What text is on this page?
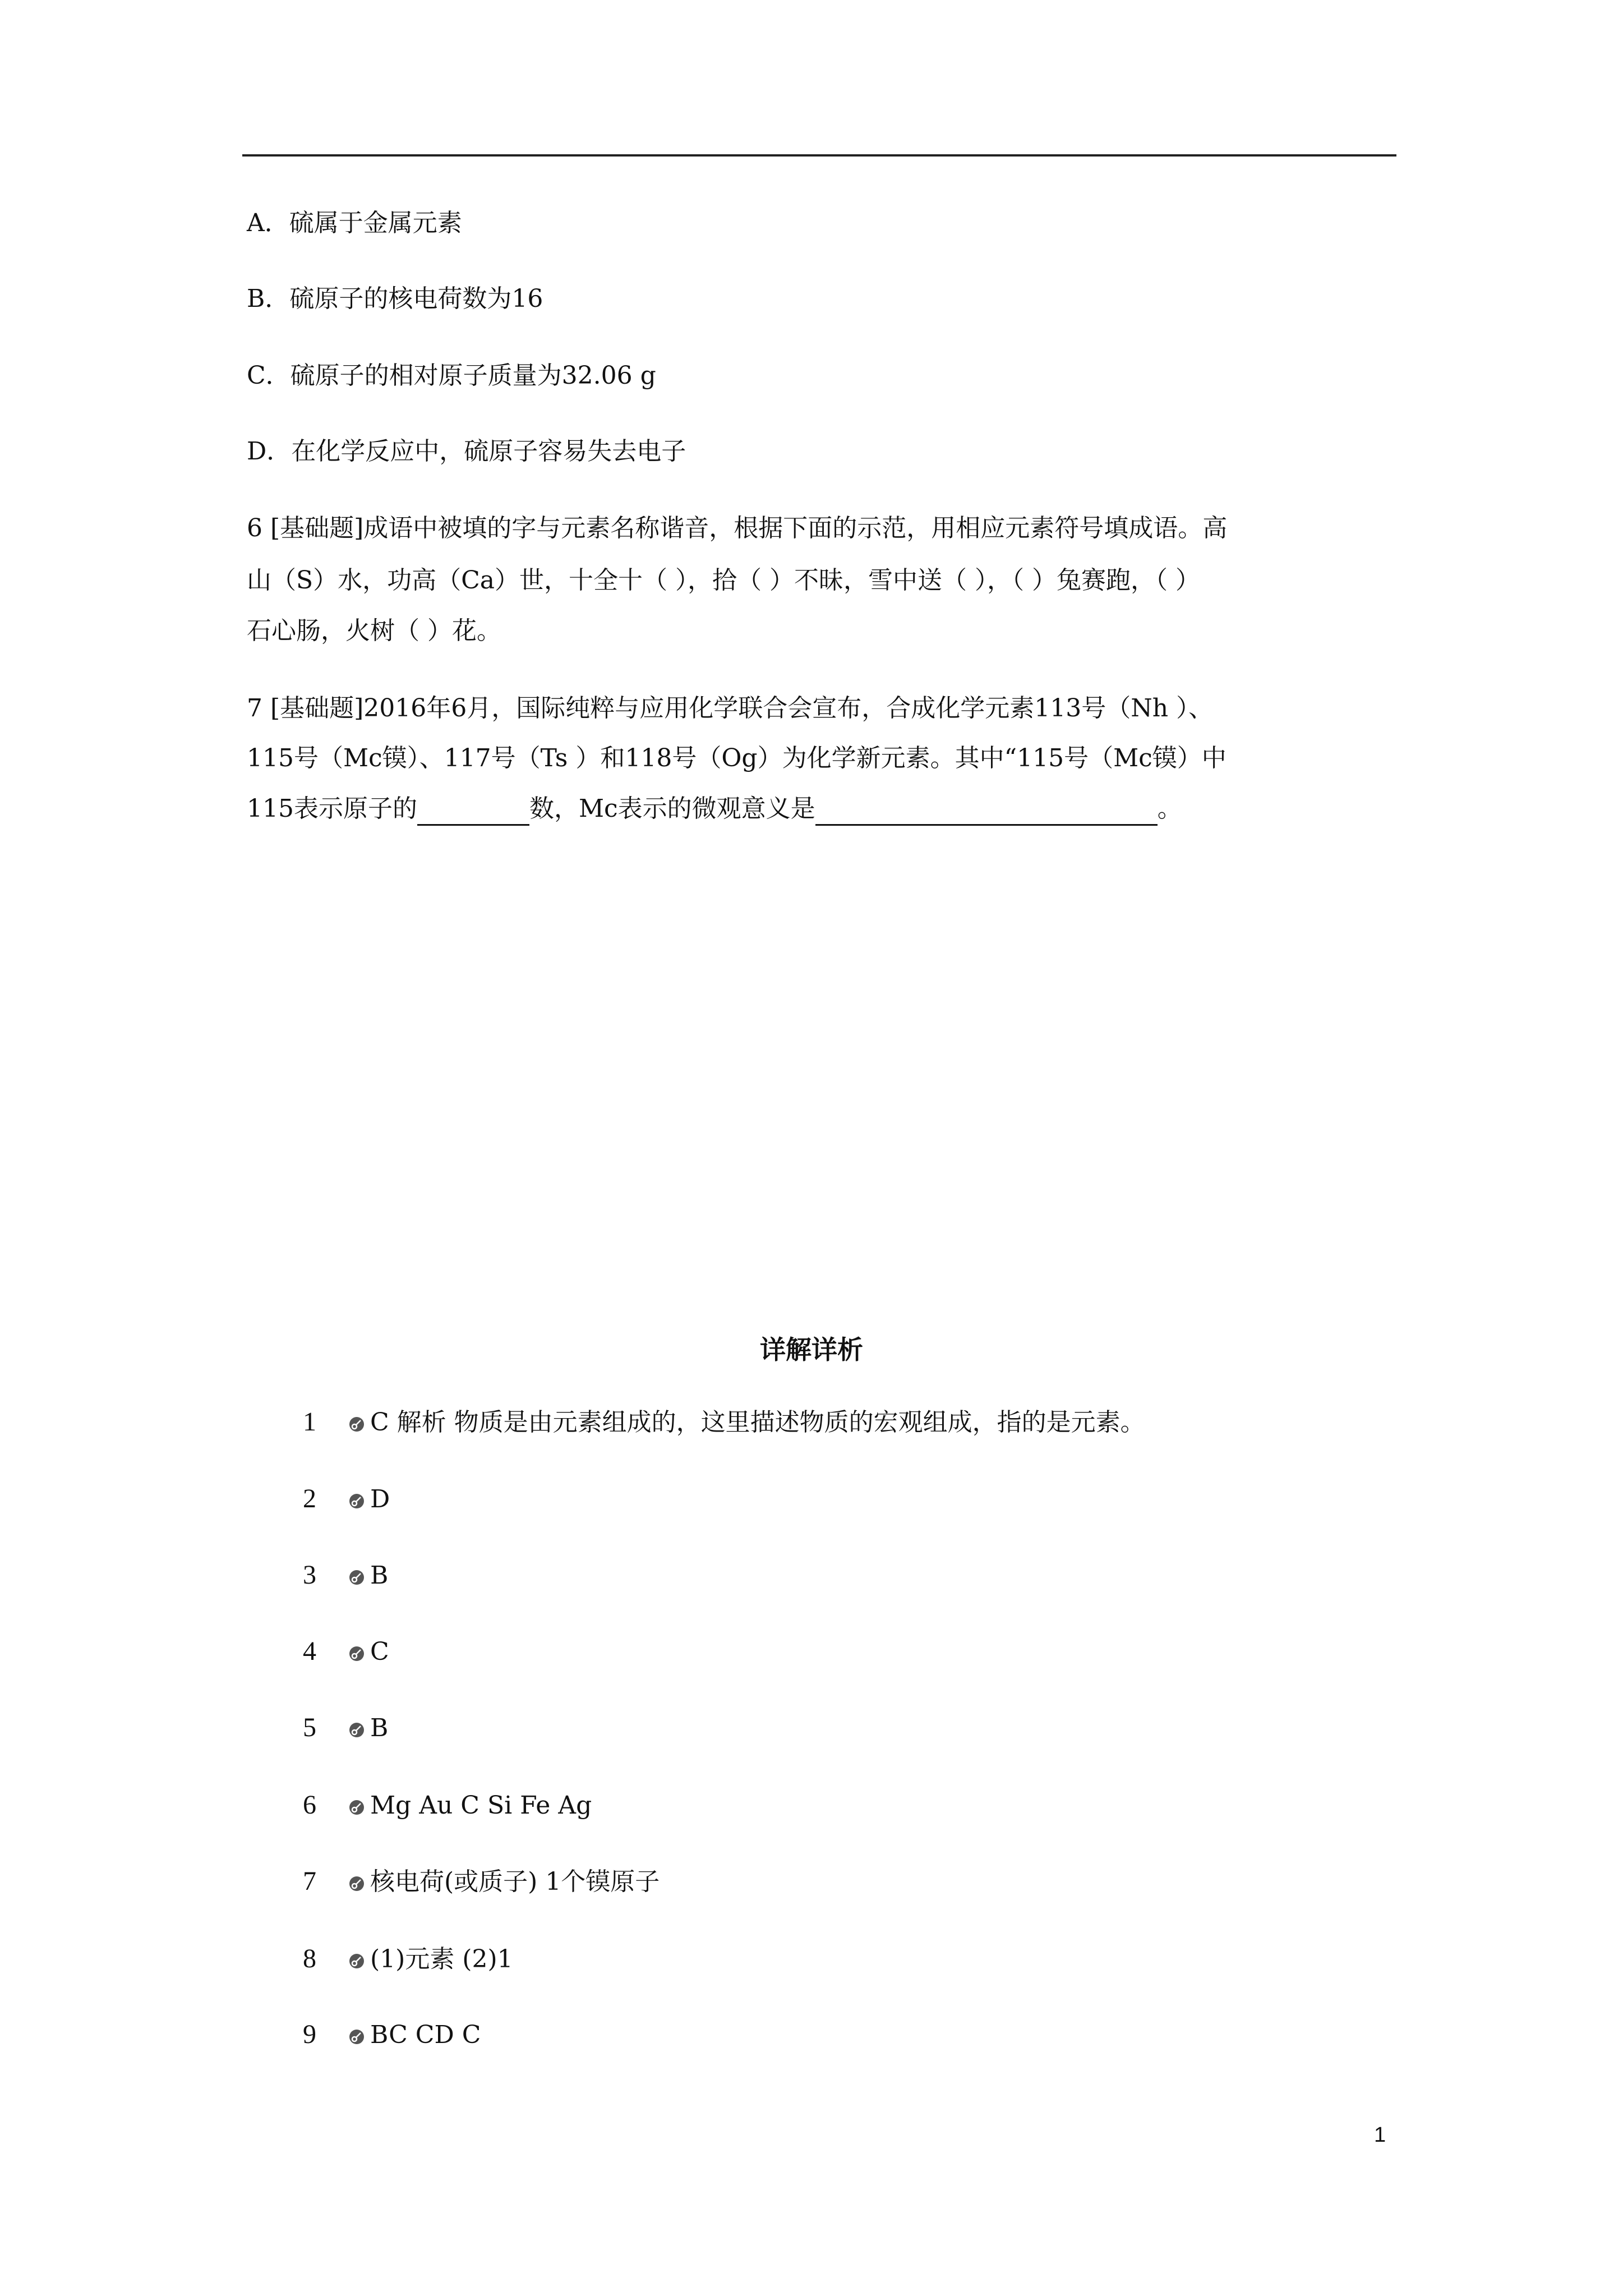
A．硫属于金属元素
B．硫原子的核电荷数为16
C．硫原子的相对原子质量为32.06 g
D．在化学反应中，硫原子容易失去电子
6 [基础题]成语中被填的字与元素名称谐音，根据下面的示范，用相应元素符号填成语。高
山（S）水，功高（Ca）世，十全十（ ），拾（ ）不昧，雪中送（ ），（ ）兔赛跑，（ ）
石心肠，火树（ ）花。
7 [基础题]2016年6月，国际纯粹与应用化学联合会宣布，合成化学元素113号（Nh ）、
115号（Mc镆）、117号（Ts ）和118号（Og）为化学新元素。其中“115号（Mc镆）中
115表示原子的	数，Mc表示的微观意义是	。
详解详析
1 C 解析 物质是由元素组成的，这里描述物质的宏观组成，指的是元素。
2 D
3 B
4 C
5 B
6 Mg Au C Si Fe Ag
7 核电荷(或质子) 1个镆原子
8 (1)元素 (2)1
9 BC CD C
1
